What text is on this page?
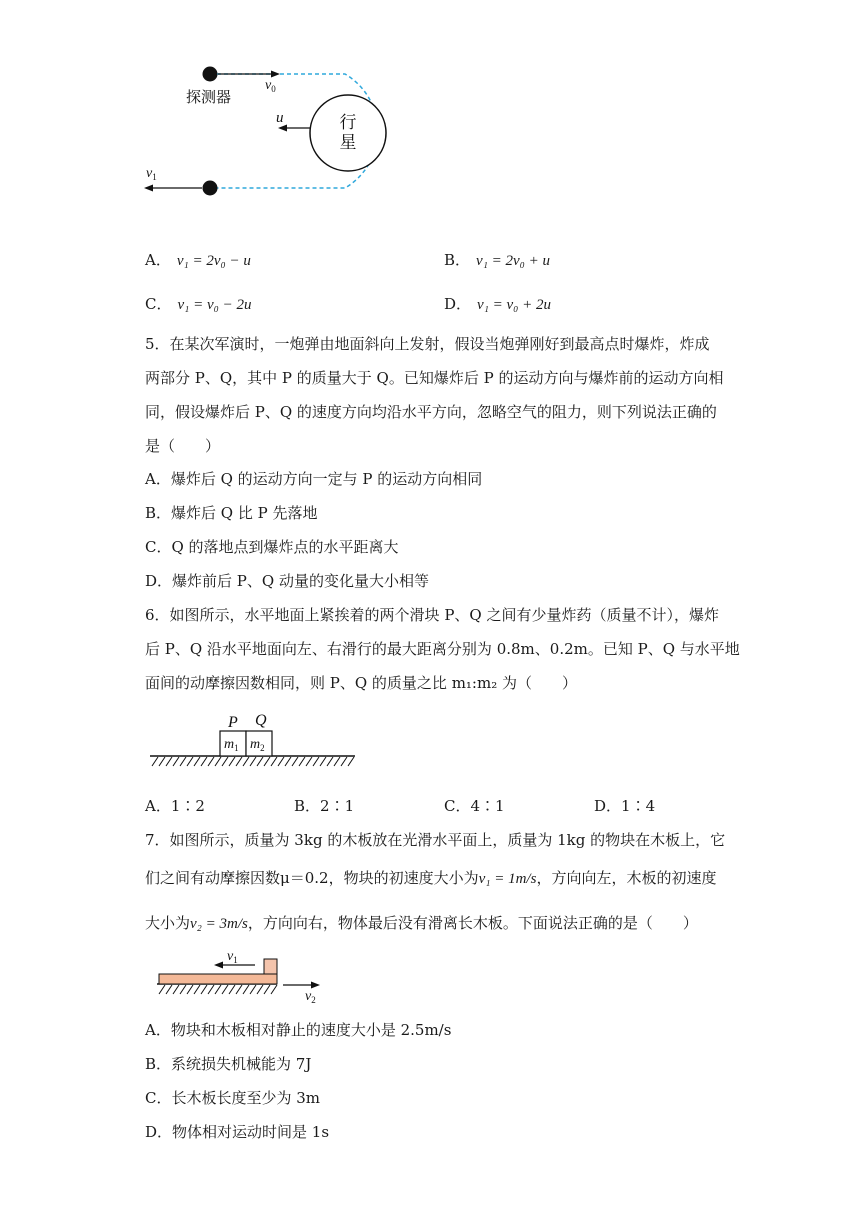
探测器
行
星
$v_0$
u
$v_1$
A． v₁ = 2v₀ − u	B． v₁ = 2v₀ + u
C． v₁ = v₀ − 2u	D． v₁ = v₀ + 2u
5．在某次军演时，一炮弹由地面斜向上发射，假设当炮弹刚好到最高点时爆炸，炸成
两部分 P、Q，其中 P 的质量大于 Q。已知爆炸后 P 的运动方向与爆炸前的运动方向相
同，假设爆炸后 P、Q 的速度方向均沿水平方向，忽略空气的阻力，则下列说法正确的
是（　　）
A．爆炸后 Q 的运动方向一定与 P 的运动方向相同
B．爆炸后 Q 比 P 先落地
C．Q 的落地点到爆炸点的水平距离大
D．爆炸前后 P、Q 动量的变化量大小相等
6．如图所示，水平地面上紧挨着的两个滑块 P、Q 之间有少量炸药（质量不计），爆炸
后 P、Q 沿水平地面向左、右滑行的最大距离分别为 0.8m、0.2m。已知 P、Q 与水平地
面间的动摩擦因数相同，则 P、Q 的质量之比 m₁:m₂ 为（　　）
P Q
$m_1$ $m_2$
A．1∶2	B．2∶1	C．4∶1	D．1∶4
7．如图所示，质量为 3kg 的木板放在光滑水平面上，质量为 1kg 的物块在木板上，它
们之间有动摩擦因数μ＝0.2，物块的初速度大小为v₁ = 1m/s，方向向左，木板的初速度
大小为v₂ = 3m/s，方向向右，物体最后没有滑离长木板。下面说法正确的是（　　）
$v_1$
$v_2$
A．物块和木板相对静止的速度大小是 2.5m/s
B．系统损失机械能为 7J
C．长木板长度至少为 3m
D．物体相对运动时间是 1s
